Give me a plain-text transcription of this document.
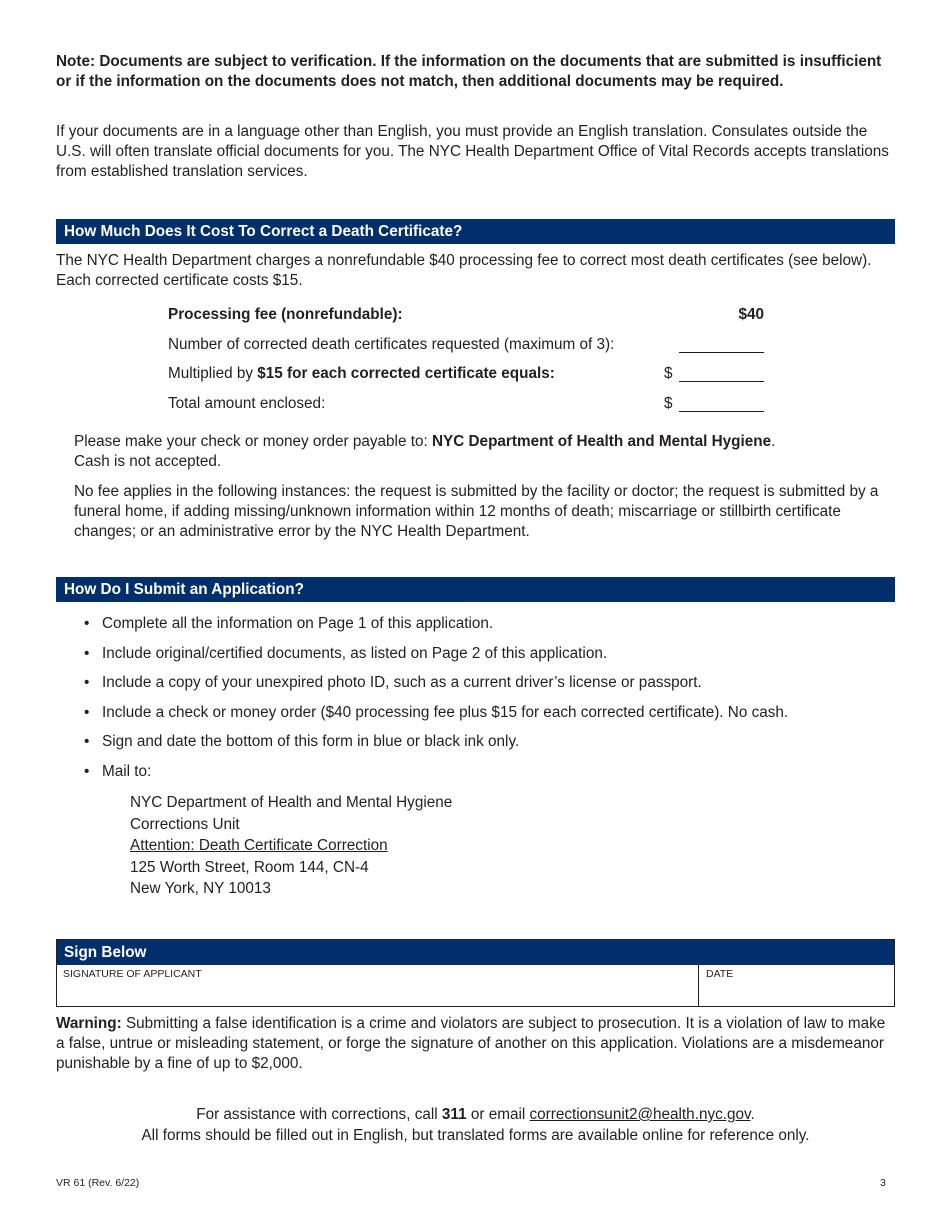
Note: Documents are subject to verification. If the information on the documents that are submitted is insufficient or if the information on the documents does not match, then additional documents may be required.

If your documents are in a language other than English, you must provide an English translation. Consulates outside the U.S. will often translate official documents for you. The NYC Health Department Office of Vital Records accepts translations from established translation services.

How Much Does It Cost To Correct a Death Certificate?

The NYC Health Department charges a nonrefundable $40 processing fee to correct most death certificates (see below). Each corrected certificate costs $15.

Processing fee (nonrefundable):	$40
Number of corrected death certificates requested (maximum of 3):
Multiplied by $15 for each corrected certificate equals:	$
Total amount enclosed:	$

Please make your check or money order payable to: NYC Department of Health and Mental Hygiene.
Cash is not accepted.

No fee applies in the following instances: the request is submitted by the facility or doctor; the request is submitted by a funeral home, if adding missing/unknown information within 12 months of death; miscarriage or stillbirth certificate changes; or an administrative error by the NYC Health Department.

How Do I Submit an Application?
• Complete all the information on Page 1 of this application.
• Include original/certified documents, as listed on Page 2 of this application.
• Include a copy of your unexpired photo ID, such as a current driver’s license or passport.
• Include a check or money order ($40 processing fee plus $15 for each corrected certificate). No cash.
• Sign and date the bottom of this form in blue or black ink only.
• Mail to:
NYC Department of Health and Mental Hygiene
Corrections Unit
Attention: Death Certificate Correction
125 Worth Street, Room 144, CN-4
New York, NY 10013
Sign Below
SIGNATURE OF APPLICANT	DATE

Warning: Submitting a false identification is a crime and violators are subject to prosecution. It is a violation of law to make a false, untrue or misleading statement, or forge the signature of another on this application. Violations are a misdemeanor punishable by a fine of up to $2,000.

For assistance with corrections, call 311 or email correctionsunit2@health.nyc.gov.
All forms should be filled out in English, but translated forms are available online for reference only.
VR 61 (Rev. 6/22)	3
